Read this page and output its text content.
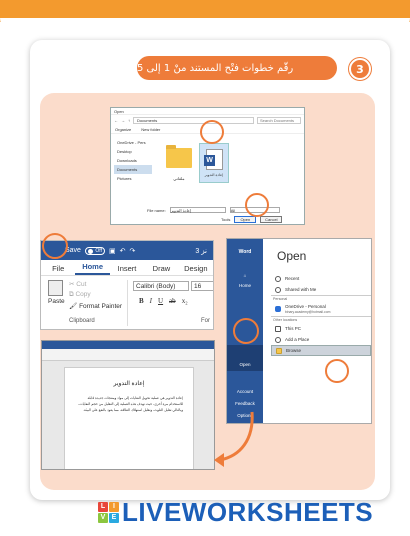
رقّم خطوات فتْح المستند منْ 1 إلى 5	3
Open
← → ↑	Documents	Search Documents
Organize	New folder
OneDrive - Pers
Desktop
Downloads
Documents
Pictures	ملفاتي
W
إعادة التدوير
File name: إعادة التدوير	All
Tools	Open	Cancel
Save	Off	▣ ↶ ↷	3 نز
File	Home	Insert	Draw	Design
Paste
✂ Cut
⧉ Copy
🖌 Format Painter
Clipboard
Calibri (Body)	16
B I U ab x₂
For
Word
⌂
Home
Open
Account
Feedback
Options
Open
Recent
Shared with Me
Personal
OneDrive - Personal
binary.academy@hotmail.com
Other locations
This PC
Add a Place
Browse
إعادة التدوير
إعادة التدوير هي عملية تحويل النفايات إلى مواد ومنتجات جديدة قابلة للاستخدام مرة أخرى، حيث تهدف هذه العملية إلى التقليل من حجم النفايات، وبالتالي تقليل التلوث، وتقليل استهلاك الطاقة، مما يعود بالنفع على البيئة.
L	I
V E LIVEWORKSHEETS
